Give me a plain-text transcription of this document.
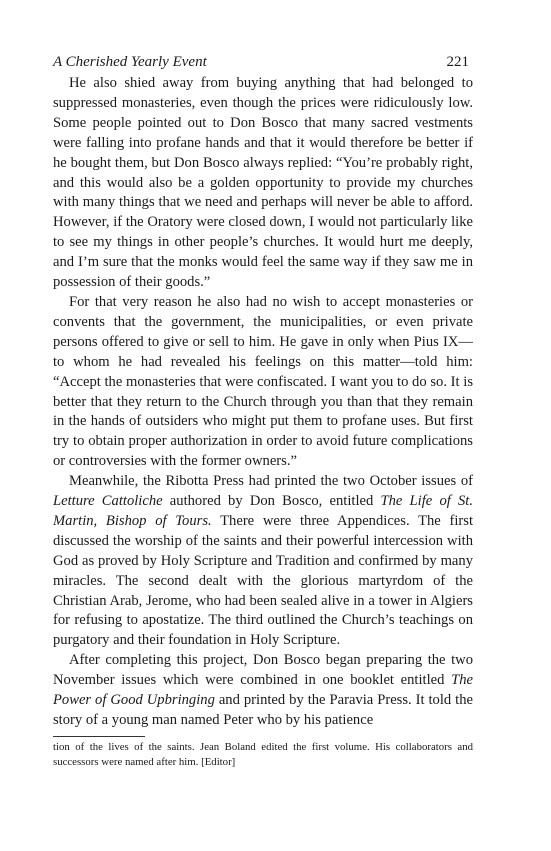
A Cherished Yearly Event	221

He also shied away from buying anything that had belonged to suppressed monasteries, even though the prices were ridiculously low. Some people pointed out to Don Bosco that many sacred vestments were falling into profane hands and that it would therefore be better if he bought them, but Don Bosco always replied: “You’re probably right, and this would also be a golden opportunity to provide my churches with many things that we need and perhaps will never be able to afford. However, if the Oratory were closed down, I would not particularly like to see my things in other people’s churches. It would hurt me deeply, and I’m sure that the monks would feel the same way if they saw me in possession of their goods.”

For that very reason he also had no wish to accept monasteries or convents that the government, the municipalities, or even private persons offered to give or sell to him. He gave in only when Pius IX—to whom he had revealed his feelings on this matter—told him: “Accept the monasteries that were confiscated. I want you to do so. It is better that they return to the Church through you than that they remain in the hands of outsiders who might put them to profane uses. But first try to obtain proper authorization in order to avoid future complications or controversies with the former owners.”

Meanwhile, the Ribotta Press had printed the two October issues of Letture Cattoliche authored by Don Bosco, entitled The Life of St. Martin, Bishop of Tours. There were three Appendices. The first discussed the worship of the saints and their powerful intercession with God as proved by Holy Scripture and Tradition and confirmed by many miracles. The second dealt with the glorious martyrdom of the Christian Arab, Jerome, who had been sealed alive in a tower in Algiers for refusing to apostatize. The third outlined the Church’s teachings on purgatory and their foundation in Holy Scripture.

After completing this project, Don Bosco began preparing the two November issues which were combined in one booklet entitled The Power of Good Upbringing and printed by the Paravia Press. It told the story of a young man named Peter who by his patience

tion of the lives of the saints. Jean Boland edited the first volume. His collaborators and successors were named after him. [Editor]
